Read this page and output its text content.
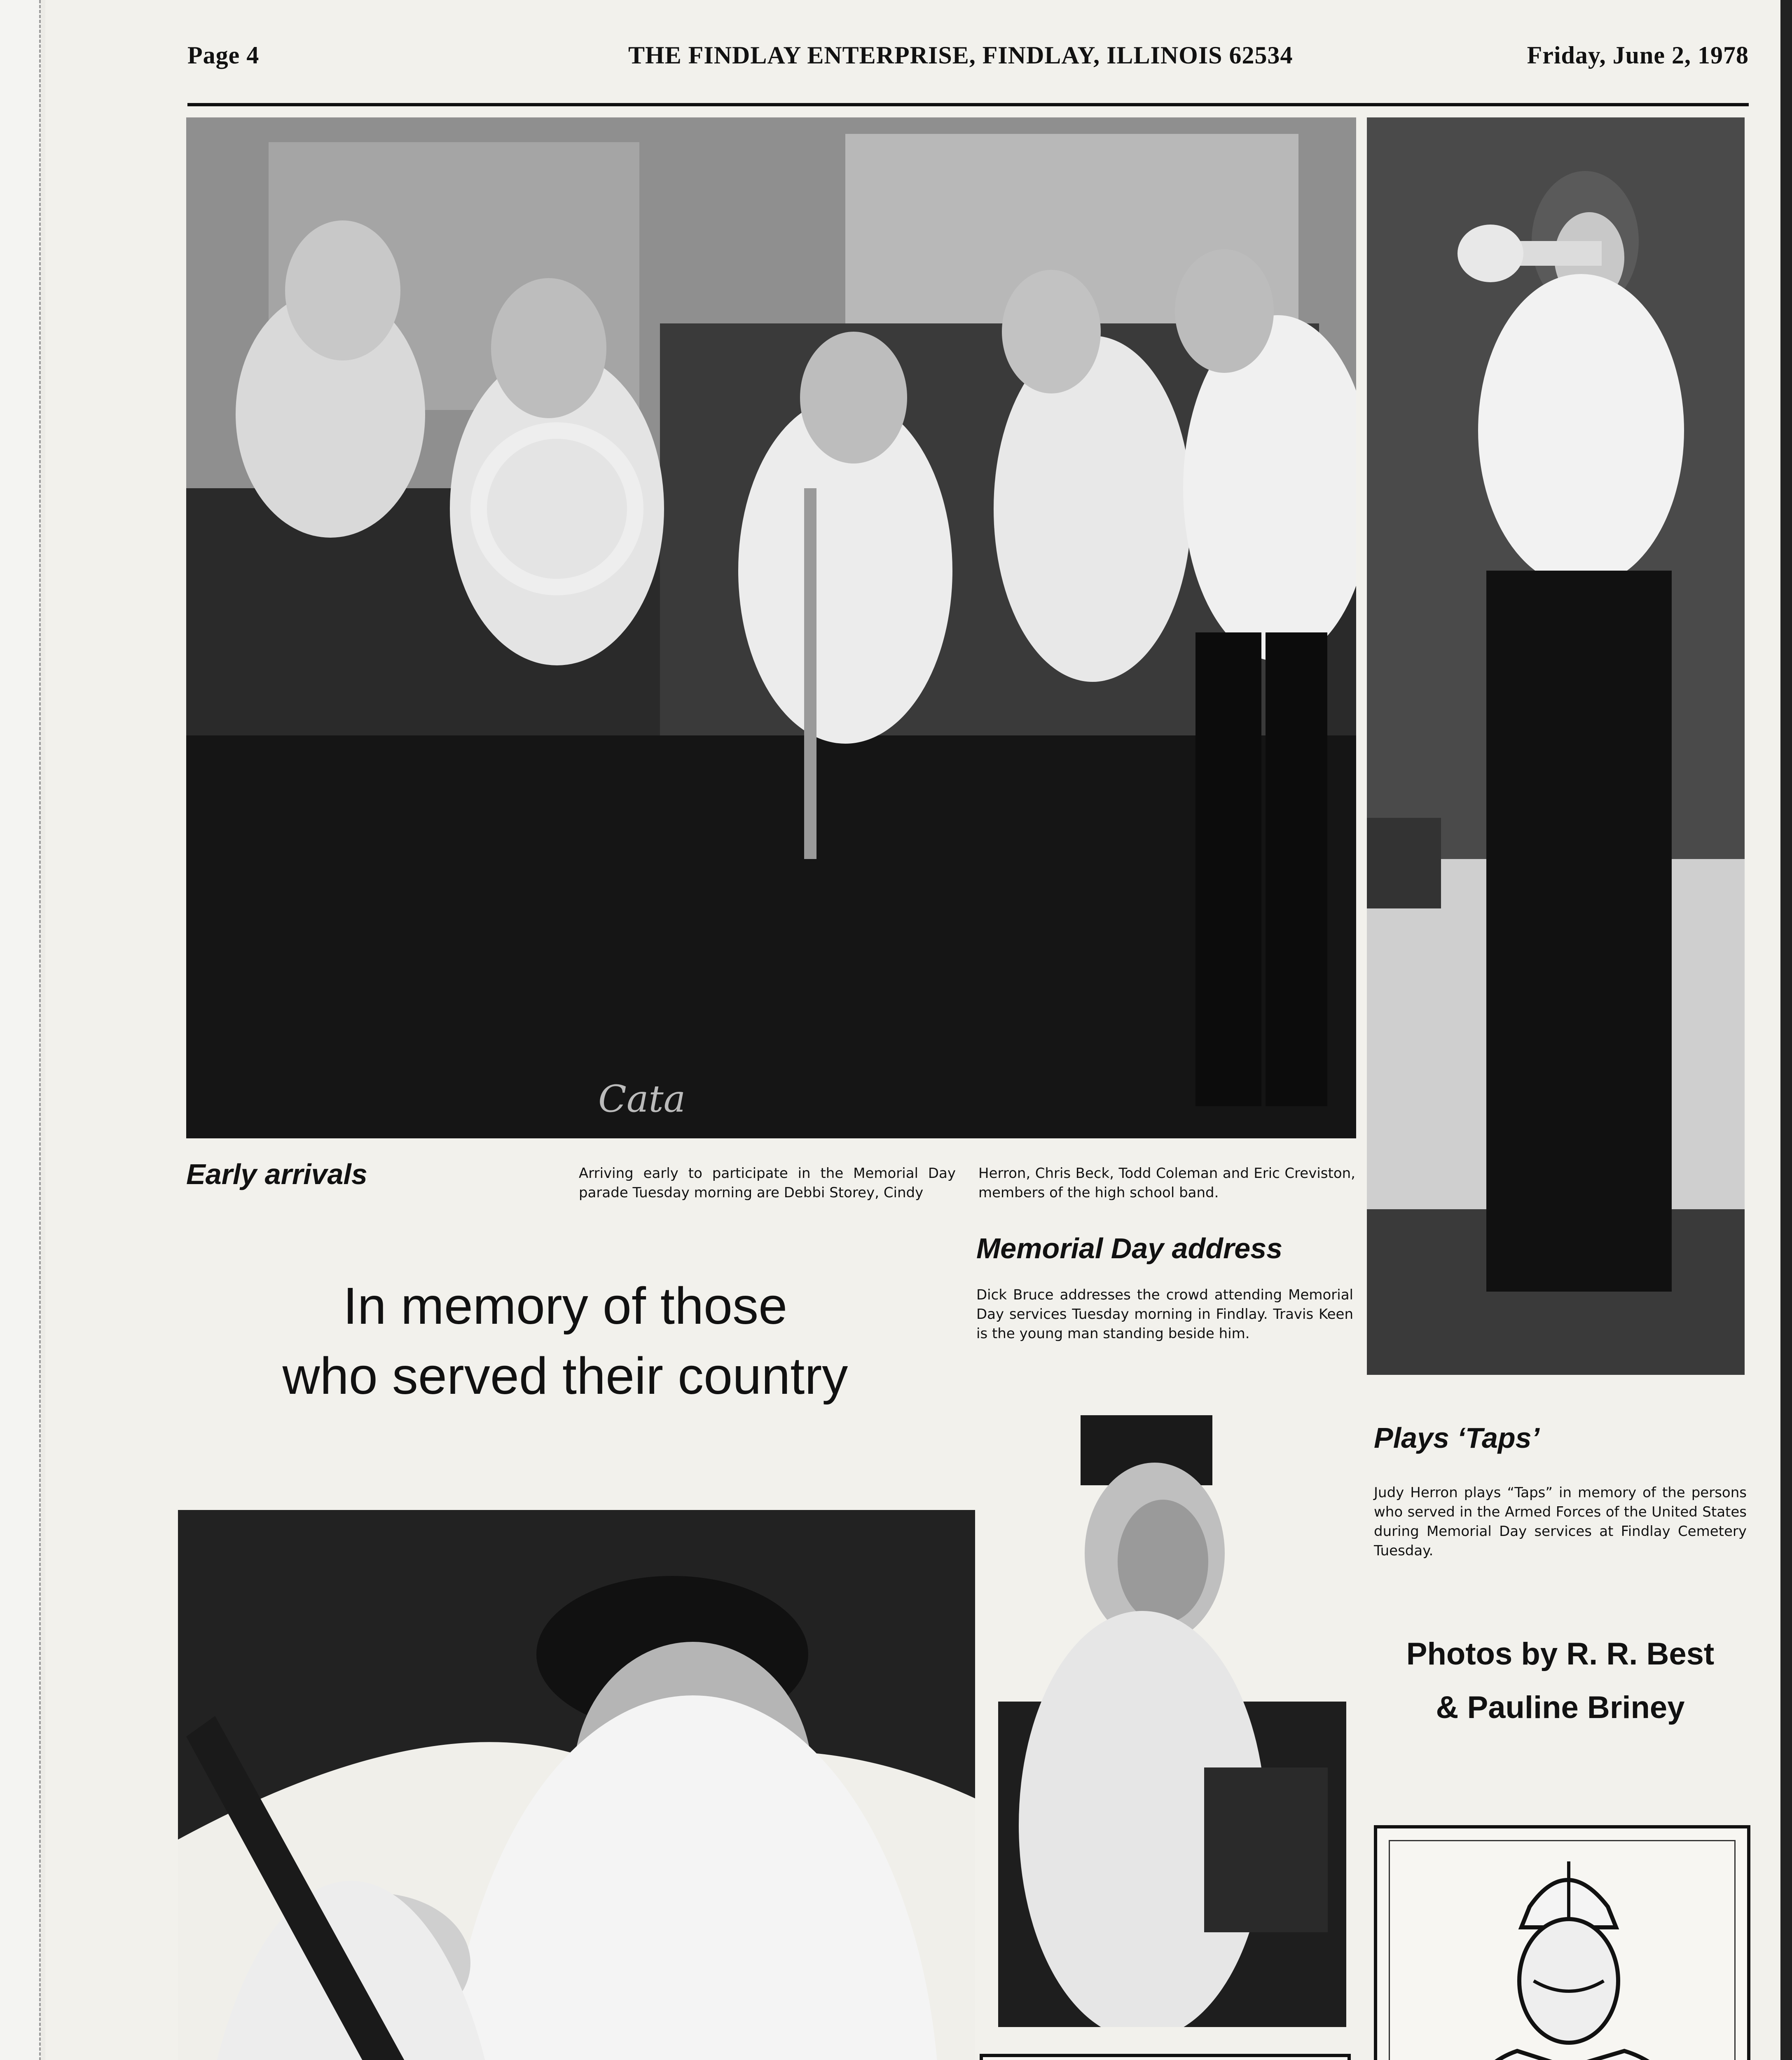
Page 4	THE FINDLAY ENTERPRISE, FINDLAY, ILLINOIS 62534	Friday, June 2, 1978
Cata
Early arrivals	Arriving early to participate in the Memorial Day parade Tuesday morning are Debbi Storey, Cindy
Herron, Chris Beck, Todd Coleman and Eric Creviston, members of the high school band.
Memorial Day address
Dick Bruce addresses the crowd attending Memorial Day services Tuesday morning in Findlay. Travis Keen is the young man standing beside him.
In memory of those
who served their country
Plays ‘Taps’
Judy Herron plays “Taps” in memory of the persons who served in the Armed Forces of the United States during Memorial Day services at Findlay Cemetery Tuesday.
Photos by R. R. Best
& Pauline Briney
